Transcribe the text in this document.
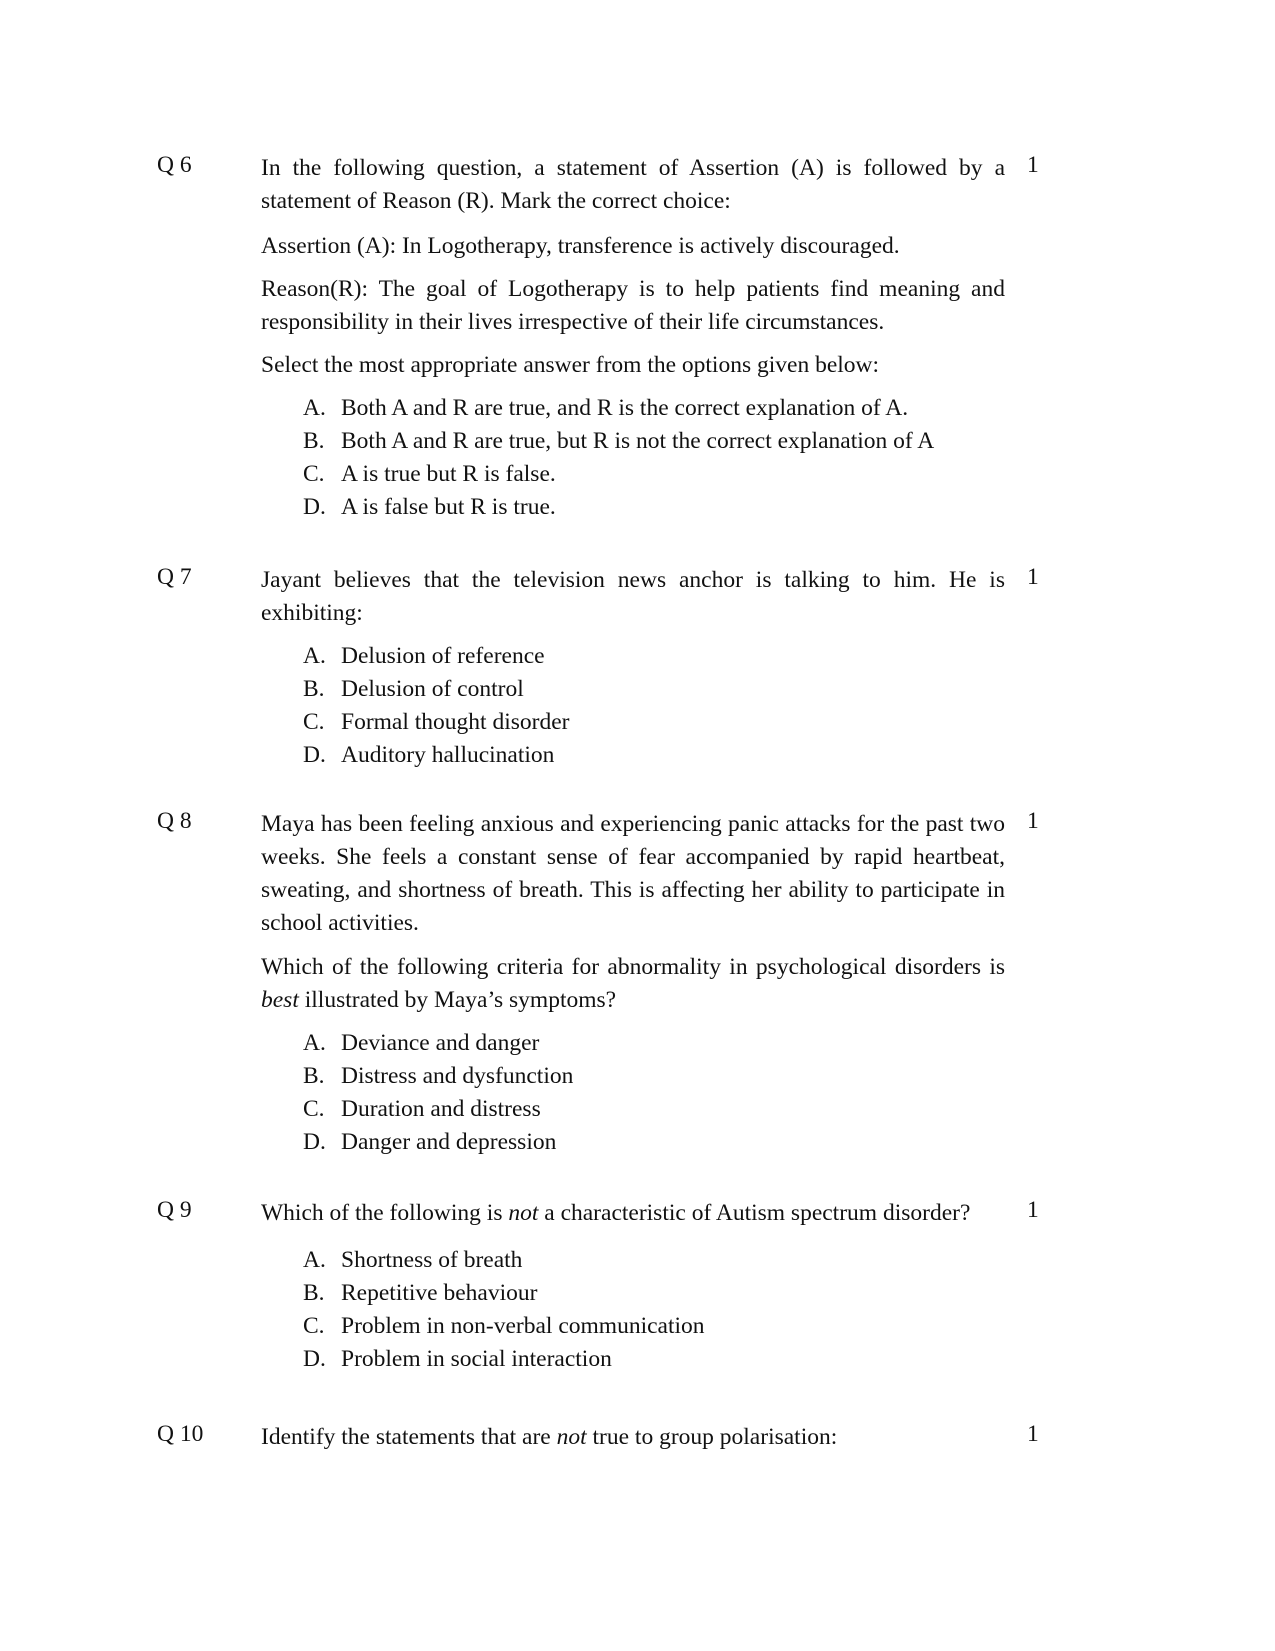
Q 6	1

In the following question, a statement of Assertion (A) is followed by a statement of Reason (R). Mark the correct choice:

Assertion (A): In Logotherapy, transference is actively discouraged.

Reason(R): The goal of Logotherapy is to help patients find meaning and responsibility in their lives irrespective of their life circumstances.

Select the most appropriate answer from the options given below:

A. Both A and R are true, and R is the correct explanation of A.
B. Both A and R are true, but R is not the correct explanation of A
C. A is true but R is false.
D. A is false but R is true.
Q 7	1

Jayant believes that the television news anchor is talking to him. He is exhibiting:

A. Delusion of reference
B. Delusion of control
C. Formal thought disorder
D. Auditory hallucination
Q 8	1

Maya has been feeling anxious and experiencing panic attacks for the past two weeks. She feels a constant sense of fear accompanied by rapid heartbeat, sweating, and shortness of breath. This is affecting her ability to participate in school activities.

Which of the following criteria for abnormality in psychological disorders is best illustrated by Maya’s symptoms?

A. Deviance and danger
B. Distress and dysfunction
C. Duration and distress
D. Danger and depression
Q 9	1

Which of the following is not a characteristic of Autism spectrum disorder?

A. Shortness of breath
B. Repetitive behaviour
C. Problem in non-verbal communication
D. Problem in social interaction
Q 10	1

Identify the statements that are not true to group polarisation:
